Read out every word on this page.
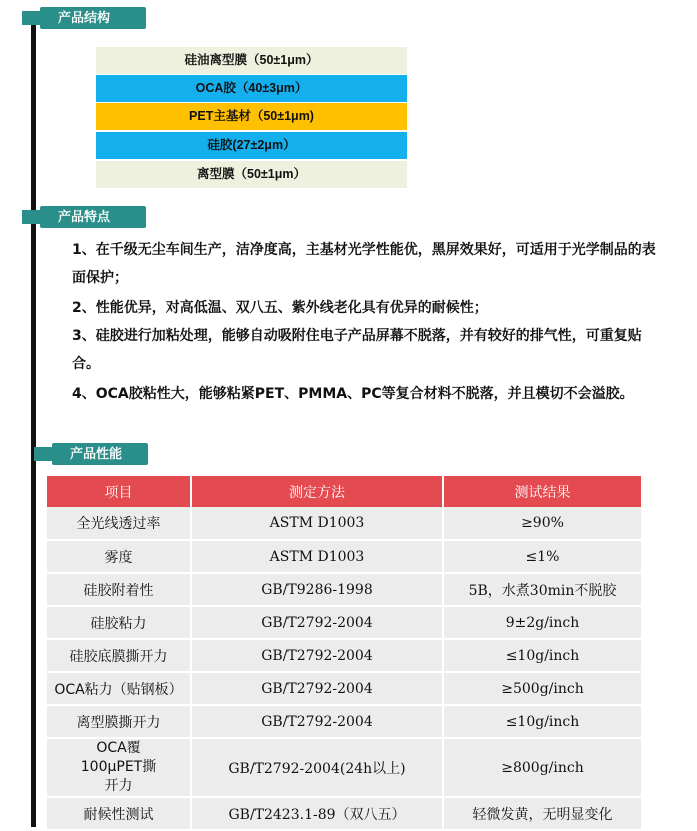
产品结构
硅油离型膜（50±1μm）
OCA胶（40±3μm）
PET主基材（50±1μm)
硅胶(27±2μm）
离型膜（50±1μm）
产品特点
1、在千级无尘车间生产，洁净度高，主基材光学性能优，黑屏效果好，可适用于光学制品的表面保护；
2、性能优异，对高低温、双八五、紫外线老化具有优异的耐候性；
3、硅胶进行加粘处理，能够自动吸附住电子产品屏幕不脱落，并有较好的排气性，可重复贴合。
4、OCA胶粘性大，能够粘紧PET、PMMA、PC等复合材料不脱落，并且模切不会溢胶。
产品性能
项目	测定方法	测试结果
全光线透过率	ASTM D1003	≥90%
雾度	ASTM D1003	≤1%
硅胶附着性	GB/T9286-1998	5B，水煮30min不脱胶
硅胶粘力	GB/T2792-2004	9±2g/inch
硅胶底膜撕开力	GB/T2792-2004	≤10g/inch
OCA粘力（贴钢板）	GB/T2792-2004	≥500g/inch
离型膜撕开力	GB/T2792-2004	≤10g/inch
OCA覆100μPET撕开力	GB/T2792-2004(24h以上)	≥800g/inch
耐候性测试	GB/T2423.1-89（双八五）	轻微发黄，无明显变化
